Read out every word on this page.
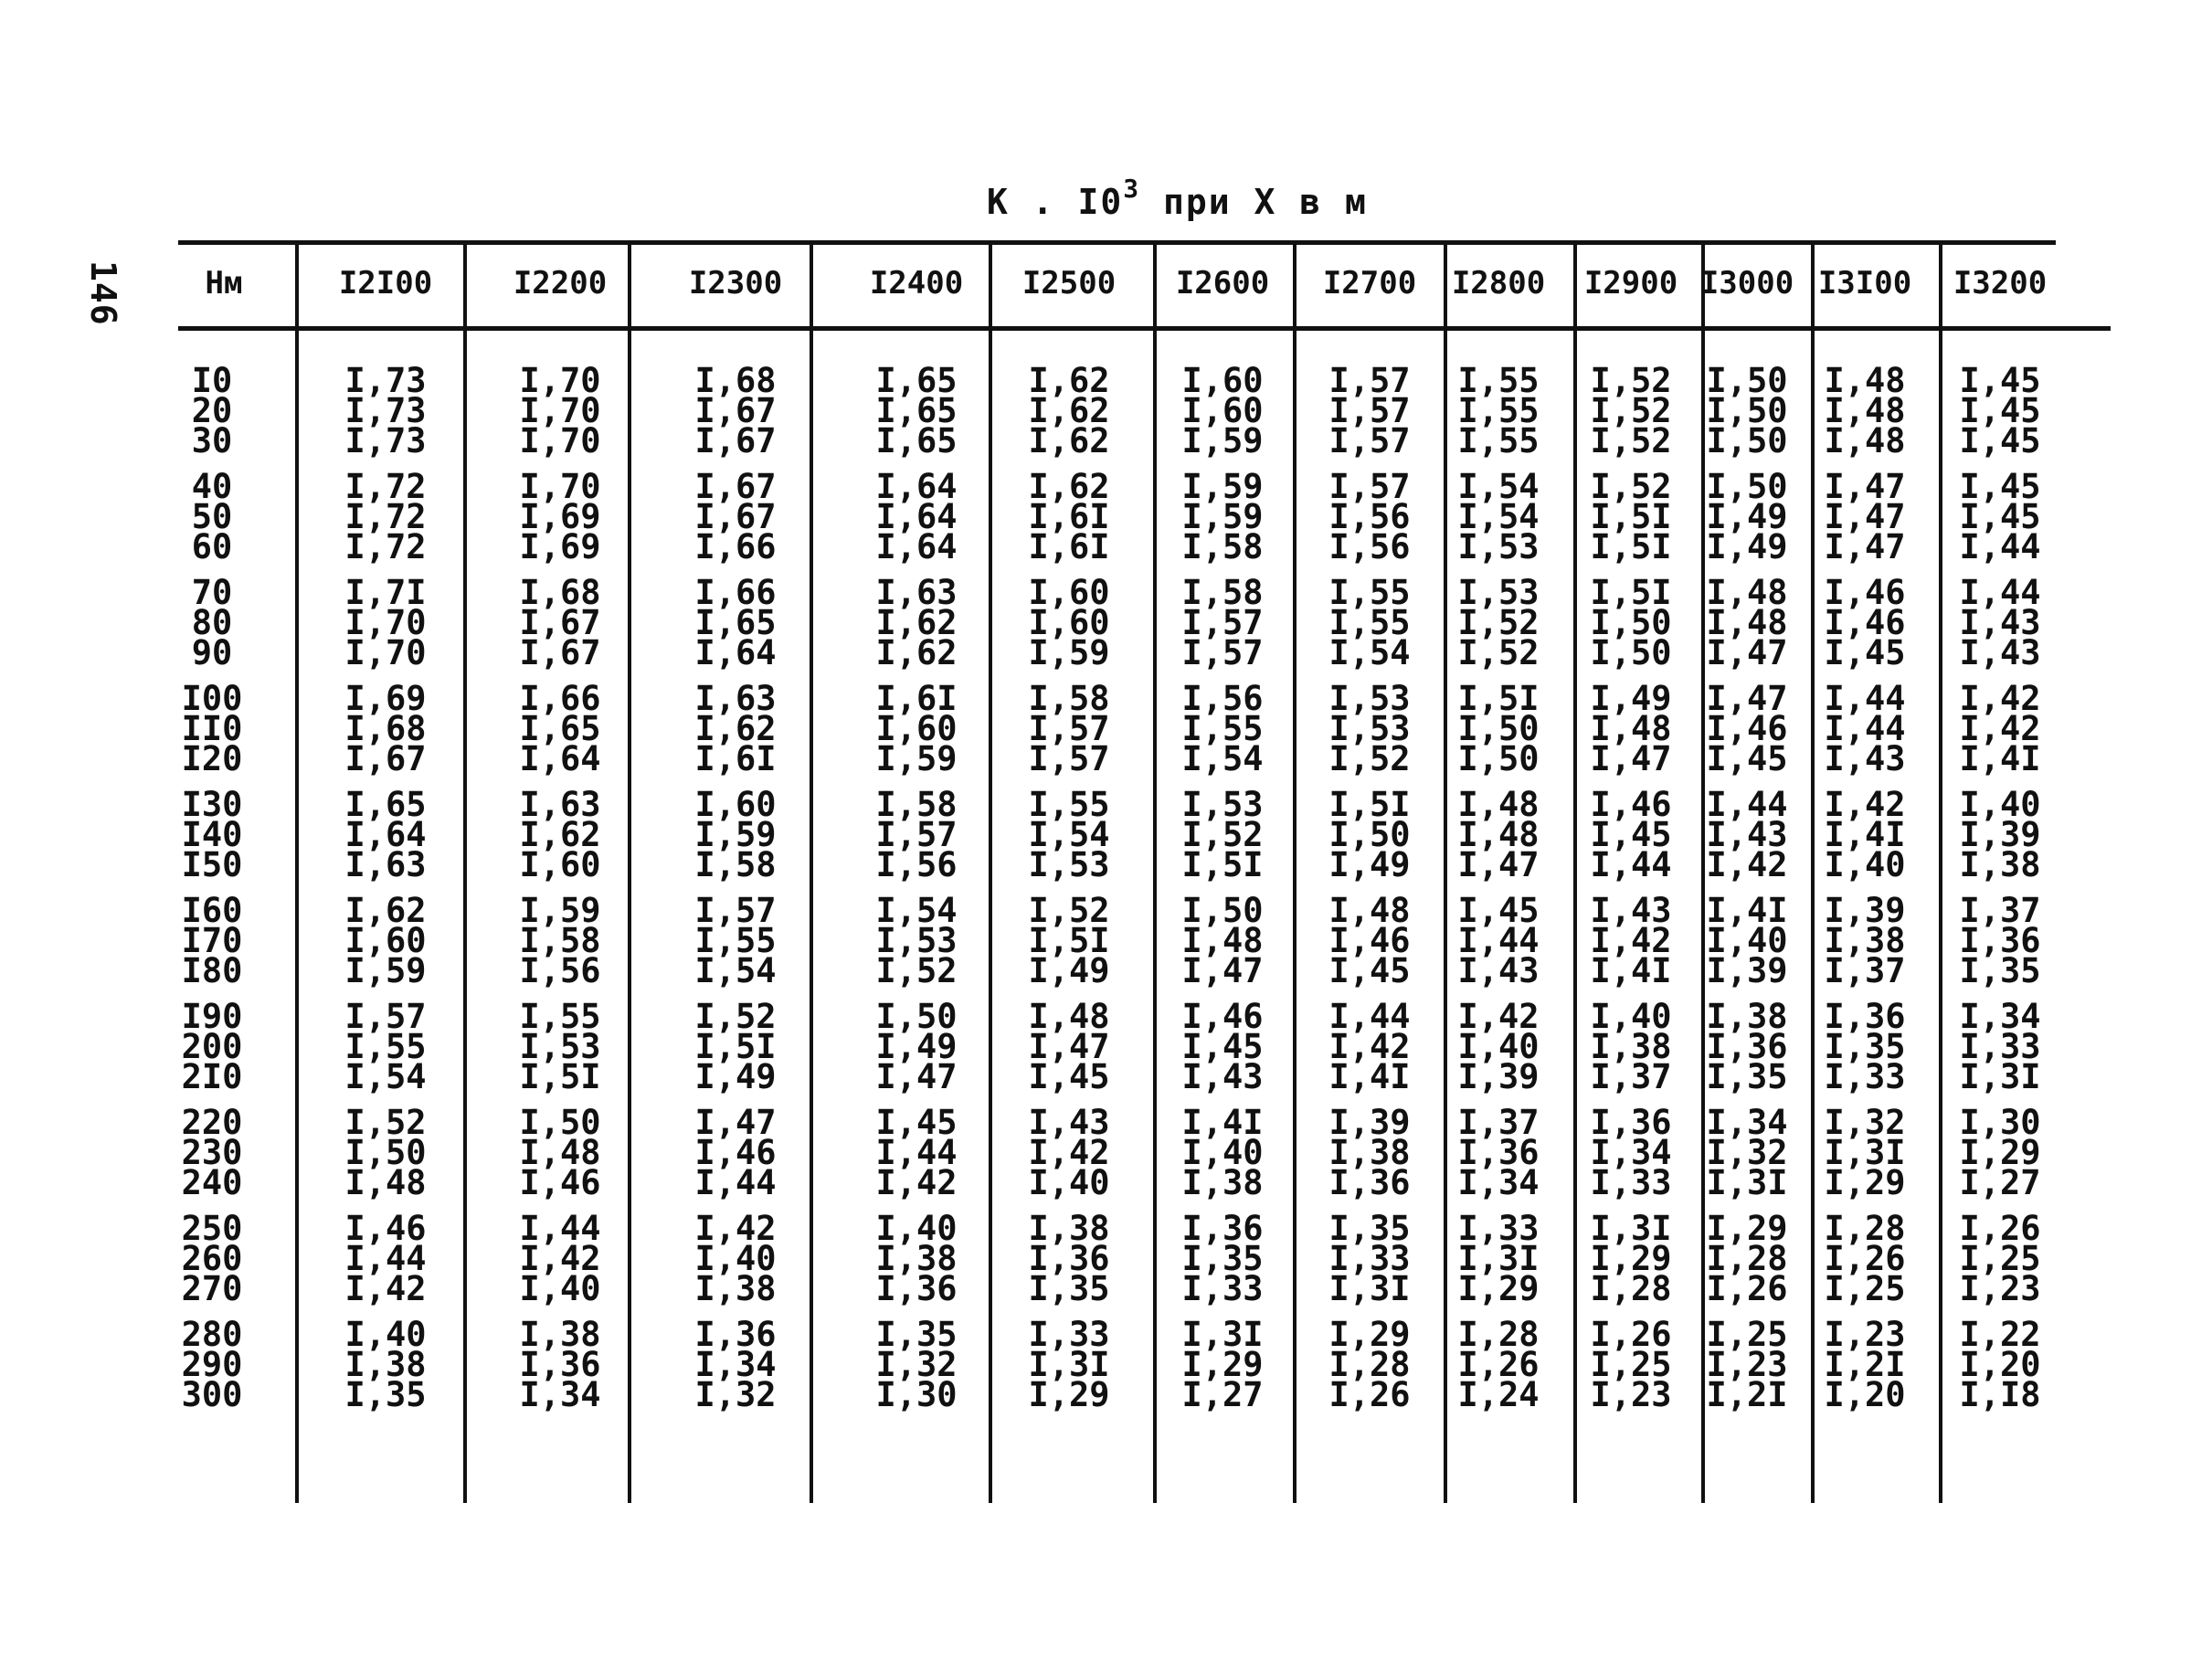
146
К . $I0^3$ при X в м
Нм
I0
20
30
40
50
60
70
80
90
I00
II0
I20
I30
I40
I50
I60
I70
I80
I90
200
2I0
220
230
240
250
260
270
280
290
300
I2I00
I,73
I,73
I,73
I,72
I,72
I,72
I,7I
I,70
I,70
I,69
I,68
I,67
I,65
I,64
I,63
I,62
I,60
I,59
I,57
I,55
I,54
I,52
I,50
I,48
I,46
I,44
I,42
I,40
I,38
I,35
I2200
I,70
I,70
I,70
I,70
I,69
I,69
I,68
I,67
I,67
I,66
I,65
I,64
I,63
I,62
I,60
I,59
I,58
I,56
I,55
I,53
I,5I
I,50
I,48
I,46
I,44
I,42
I,40
I,38
I,36
I,34
I2300
I,68
I,67
I,67
I,67
I,67
I,66
I,66
I,65
I,64
I,63
I,62
I,6I
I,60
I,59
I,58
I,57
I,55
I,54
I,52
I,5I
I,49
I,47
I,46
I,44
I,42
I,40
I,38
I,36
I,34
I,32
I2400
I,65
I,65
I,65
I,64
I,64
I,64
I,63
I,62
I,62
I,6I
I,60
I,59
I,58
I,57
I,56
I,54
I,53
I,52
I,50
I,49
I,47
I,45
I,44
I,42
I,40
I,38
I,36
I,35
I,32
I,30
I2500
I,62
I,62
I,62
I,62
I,6I
I,6I
I,60
I,60
I,59
I,58
I,57
I,57
I,55
I,54
I,53
I,52
I,5I
I,49
I,48
I,47
I,45
I,43
I,42
I,40
I,38
I,36
I,35
I,33
I,3I
I,29
I2600
I,60
I,60
I,59
I,59
I,59
I,58
I,58
I,57
I,57
I,56
I,55
I,54
I,53
I,52
I,5I
I,50
I,48
I,47
I,46
I,45
I,43
I,4I
I,40
I,38
I,36
I,35
I,33
I,3I
I,29
I,27
I2700
I,57
I,57
I,57
I,57
I,56
I,56
I,55
I,55
I,54
I,53
I,53
I,52
I,5I
I,50
I,49
I,48
I,46
I,45
I,44
I,42
I,4I
I,39
I,38
I,36
I,35
I,33
I,3I
I,29
I,28
I,26
I2800
I,55
I,55
I,55
I,54
I,54
I,53
I,53
I,52
I,52
I,5I
I,50
I,50
I,48
I,48
I,47
I,45
I,44
I,43
I,42
I,40
I,39
I,37
I,36
I,34
I,33
I,3I
I,29
I,28
I,26
I,24
I2900
I,52
I,52
I,52
I,52
I,5I
I,5I
I,5I
I,50
I,50
I,49
I,48
I,47
I,46
I,45
I,44
I,43
I,42
I,4I
I,40
I,38
I,37
I,36
I,34
I,33
I,3I
I,29
I,28
I,26
I,25
I,23
I3000
I,50
I,50
I,50
I,50
I,49
I,49
I,48
I,48
I,47
I,47
I,46
I,45
I,44
I,43
I,42
I,4I
I,40
I,39
I,38
I,36
I,35
I,34
I,32
I,3I
I,29
I,28
I,26
I,25
I,23
I,2I
I3I00
I,48
I,48
I,48
I,47
I,47
I,47
I,46
I,46
I,45
I,44
I,44
I,43
I,42
I,4I
I,40
I,39
I,38
I,37
I,36
I,35
I,33
I,32
I,3I
I,29
I,28
I,26
I,25
I,23
I,2I
I,20
I3200
I,45
I,45
I,45
I,45
I,45
I,44
I,44
I,43
I,43
I,42
I,42
I,4I
I,40
I,39
I,38
I,37
I,36
I,35
I,34
I,33
I,3I
I,30
I,29
I,27
I,26
I,25
I,23
I,22
I,20
I,I8
